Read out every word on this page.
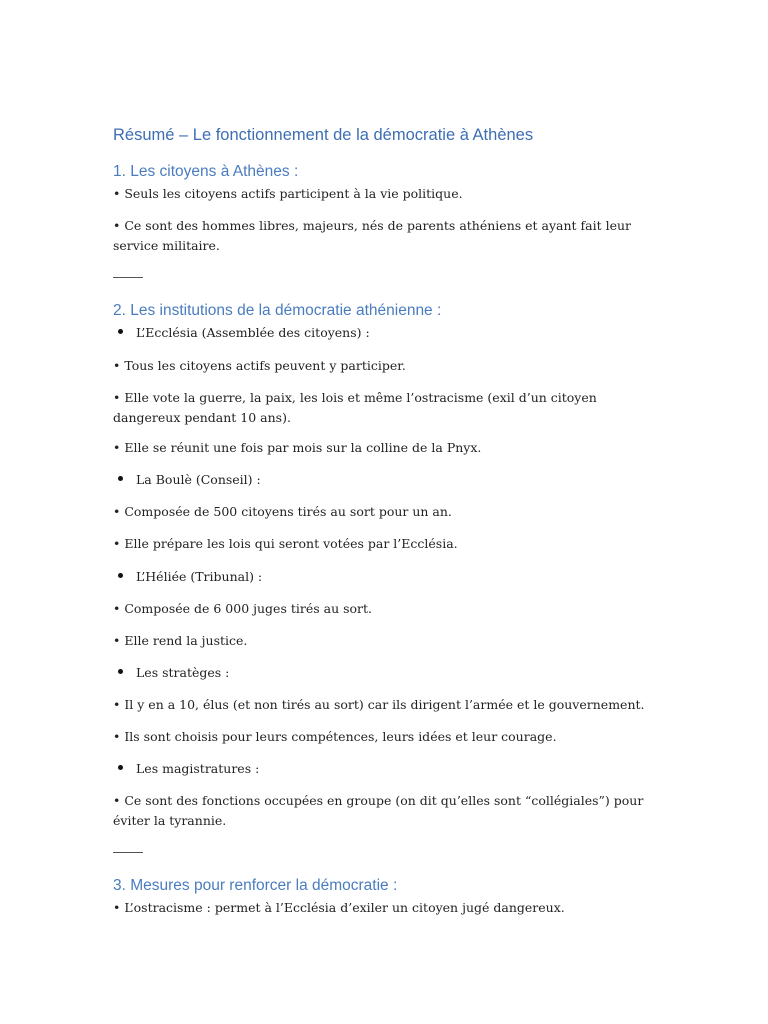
Résumé – Le fonctionnement de la démocratie à Athènes
1. Les citoyens à Athènes :

• Seuls les citoyens actifs participent à la vie politique.

• Ce sont des hommes libres, majeurs, nés de parents athéniens et ayant fait leur service militaire.

2. Les institutions de la démocratie athénienne :

L’Ecclésia (Assemblée des citoyens) :

• Tous les citoyens actifs peuvent y participer.

• Elle vote la guerre, la paix, les lois et même l’ostracisme (exil d’un citoyen dangereux pendant 10 ans).

• Elle se réunit une fois par mois sur la colline de la Pnyx.

La Boulè (Conseil) :

• Composée de 500 citoyens tirés au sort pour un an.

• Elle prépare les lois qui seront votées par l’Ecclésia.

L’Héliée (Tribunal) :

• Composée de 6 000 juges tirés au sort.

• Elle rend la justice.

Les stratèges :

• Il y en a 10, élus (et non tirés au sort) car ils dirigent l’armée et le gouvernement.

• Ils sont choisis pour leurs compétences, leurs idées et leur courage.

Les magistratures :

• Ce sont des fonctions occupées en groupe (on dit qu’elles sont “collégiales”) pour éviter la tyrannie.

3. Mesures pour renforcer la démocratie :

• L’ostracisme : permet à l’Ecclésia d’exiler un citoyen jugé dangereux.
